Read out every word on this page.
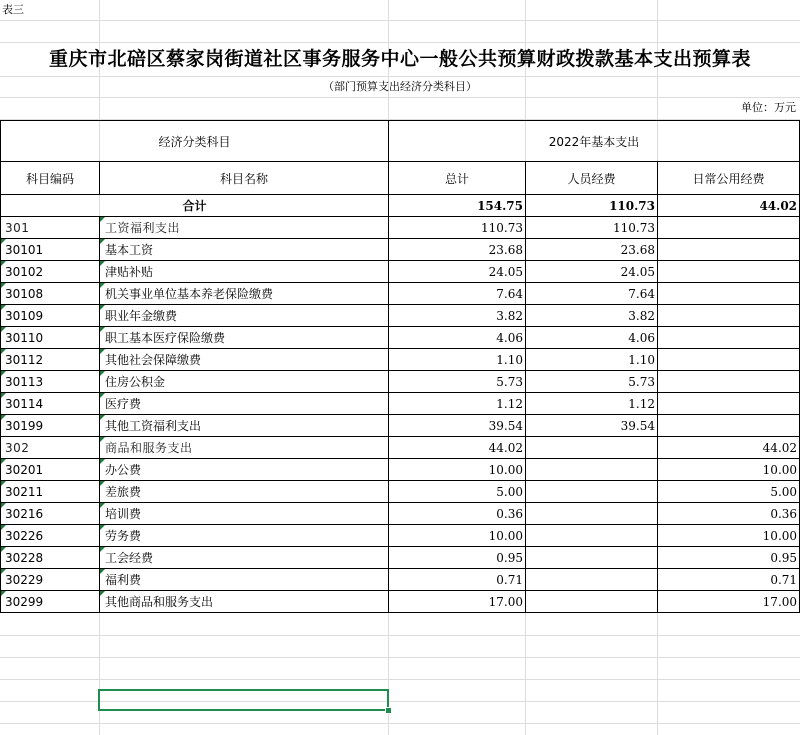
表三
重庆市北碚区蔡家岗街道社区事务服务中心一般公共预算财政拨款基本支出预算表
（部门预算支出经济分类科目）
单位：万元
经济分类科目		2022年基本支出		
科目编码	科目名称	总计	人员经费	日常公用经费
合计		154.75	110.73	44.02
301	工资福利支出	110.73	110.73	
30101	基本工资	23.68	23.68	
30102	津贴补贴	24.05	24.05	
30108	机关事业单位基本养老保险缴费	7.64	7.64	
30109	职业年金缴费	3.82	3.82	
30110	职工基本医疗保险缴费	4.06	4.06	
30112	其他社会保障缴费	1.10	1.10	
30113	住房公积金	5.73	5.73	
30114	医疗费	1.12	1.12	
30199	其他工资福利支出	39.54	39.54	
302	商品和服务支出	44.02		44.02
30201	办公费	10.00		10.00
30211	差旅费	5.00		5.00
30216	培训费	0.36		0.36
30226	劳务费	10.00		10.00
30228	工会经费	0.95		0.95
30229	福利费	0.71		0.71
30299	其他商品和服务支出	17.00		17.00
